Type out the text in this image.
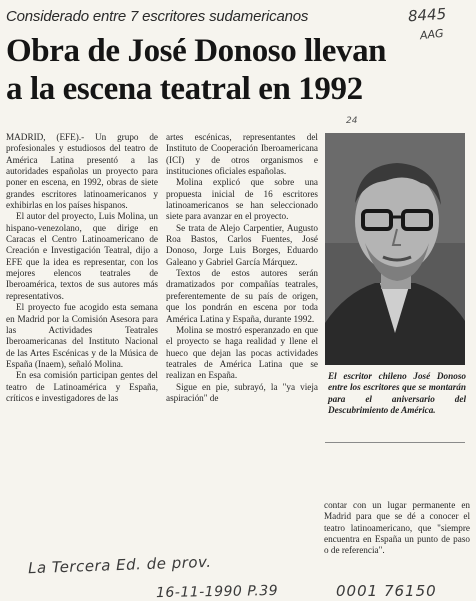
Considerado entre 7 escritores sudamericanos
Obra de José Donoso llevan
a la escena teatral en 1992

MADRID, (EFE).- Un grupo de profesionales y estudiosos del teatro de América Latina presentó a las autoridades españolas un proyecto para poner en escena, en 1992, obras de siete grandes escritores latinoamericanos y exhibirlas en los países hispanos.

El autor del proyecto, Luis Molina, un hispano-venezolano, que dirige en Caracas el Centro Latinoamericano de Creación e Investigación Teatral, dijo a EFE que la idea es representar, con los mejores elencos teatrales de Iberoamérica, textos de sus autores más representativos.

El proyecto fue acogido esta semana en Madrid por la Comisión Asesora para las Actividades Teatrales Iberoamericanas del Instituto Nacional de las Artes Escénicas y de la Música de España (Inaem), señaló Molina.

En esa comisión participan gentes del teatro de Latinoamérica y España, críticos e investigadores de las

artes escénicas, representantes del Instituto de Cooperación Iberoamericana (ICI) y de otros organismos e instituciones oficiales españolas.

Molina explicó que sobre una propuesta inicial de 16 escritores latinoamericanos se han seleccionado siete para avanzar en el proyecto.

Se trata de Alejo Carpentier, Augusto Roa Bastos, Carlos Fuentes, José Donoso, Jorge Luis Borges, Eduardo Galeano y Gabriel García Márquez.

Textos de estos autores serán dramatizados por compañías teatrales, preferentemente de su país de origen, que los pondrán en escena por toda América Latina y España, durante 1992.

Molina se mostró esperanzado en que el proyecto se haga realidad y llene el hueco que dejan las pocas actividades teatrales de América Latina que se realizan en España.

Sigue en pie, subrayó, la "ya vieja aspiración" de

El escritor chileno José Donoso entre los escritores que se montarán para el aniversario del Descubrimiento de América.

contar con un lugar permanente en Madrid para que se dé a conocer el teatro latinoamericano, que "siempre encuentra en España un punto de paso o de referencia".

8445
AAG
24
La Tercera Ed. de prov.
16-11-1990 P.39	0001 76150
